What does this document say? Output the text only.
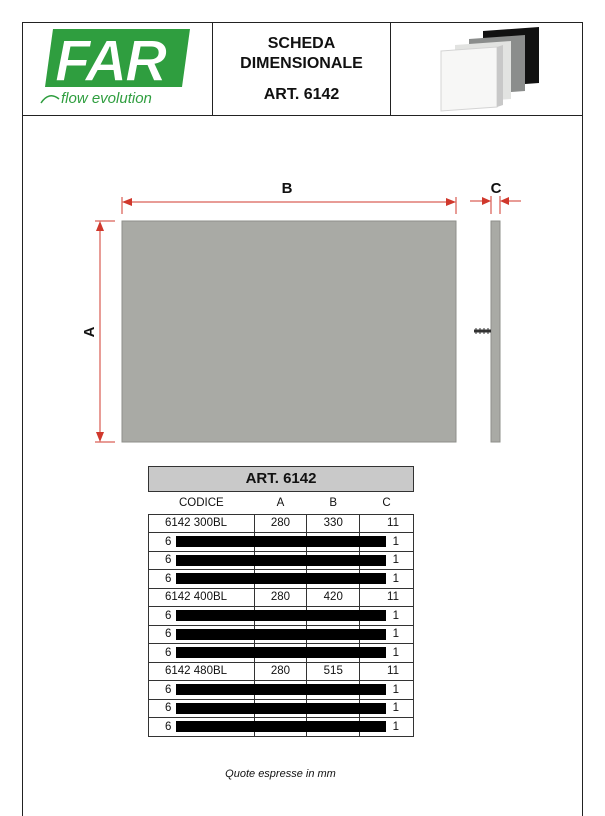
FAR
flow evolution
SCHEDA
DIMENSIONALE
ART. 6142
B	C
A
ART. 6142
CODICE	A	B	C
6142 300BL	280	330	11
6			1
6			1
6			1
6142 400BL	280	420	11
6			1
6			1
6			1
6142 480BL	280	515	11
6			1
6			1
6			1
Quote espresse in mm
